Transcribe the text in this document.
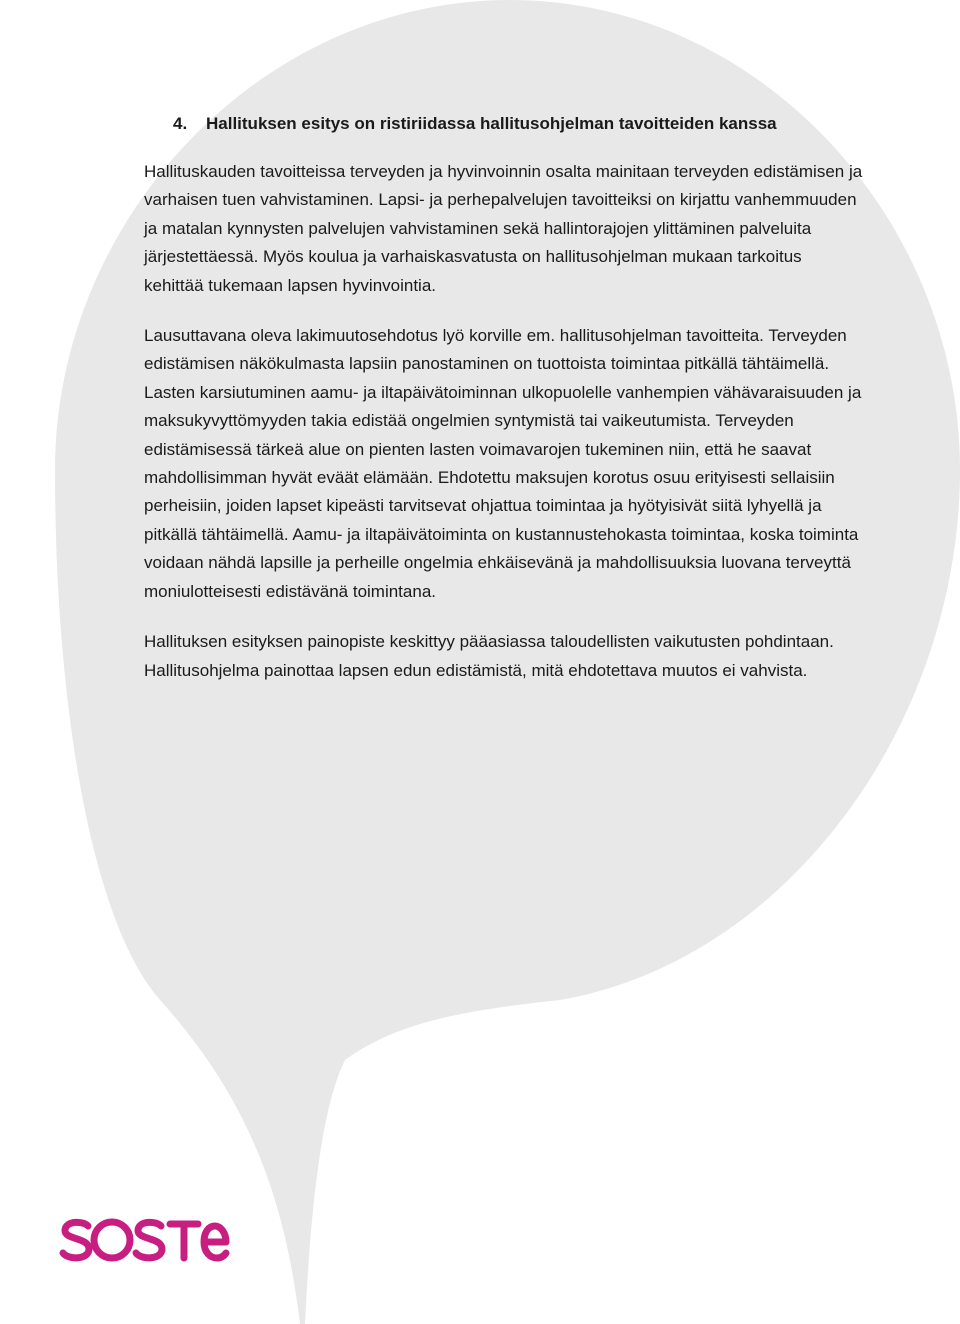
4.	Hallituksen esitys on ristiriidassa hallitusohjelman tavoitteiden kanssa

Hallituskauden tavoitteissa terveyden ja hyvinvoinnin osalta mainitaan terveyden edistämisen ja varhaisen tuen vahvistaminen. Lapsi- ja perhepalvelujen tavoitteiksi on kirjattu vanhemmuuden ja matalan kynnysten palvelujen vahvistaminen sekä hallintorajojen ylittäminen palveluita järjestettäessä. Myös koulua ja varhaiskasvatusta on hallitusohjelman mukaan tarkoitus kehittää tukemaan lapsen hyvinvointia.

Lausuttavana oleva lakimuutosehdotus lyö korville em. hallitusohjelman tavoitteita. Terveyden edistämisen näkökulmasta lapsiin panostaminen on tuottoista toimintaa pitkällä tähtäimellä. Lasten karsiutuminen aamu- ja iltapäivätoiminnan ulkopuolelle vanhempien vähävaraisuuden ja maksukyvyttömyyden takia edistää ongelmien syntymistä tai vaikeutumista. Terveyden edistämisessä tärkeä alue on pienten lasten voimavarojen tukeminen niin, että he saavat mahdollisimman hyvät eväät elämään. Ehdotettu maksujen korotus osuu erityisesti sellaisiin perheisiin, joiden lapset kipeästi tarvitsevat ohjattua toimintaa ja hyötyisivät siitä lyhyellä ja pitkällä tähtäimellä. Aamu- ja iltapäivätoiminta on kustannustehokasta toimintaa, koska toiminta voidaan nähdä lapsille ja perheille ongelmia ehkäisevänä ja mahdollisuuksia luovana terveyttä moniulotteisesti edistävänä toimintana.

Hallituksen esityksen painopiste keskittyy pääasiassa taloudellisten vaikutusten pohdintaan. Hallitusohjelma painottaa lapsen edun edistämistä, mitä ehdotettava muutos ei vahvista.
